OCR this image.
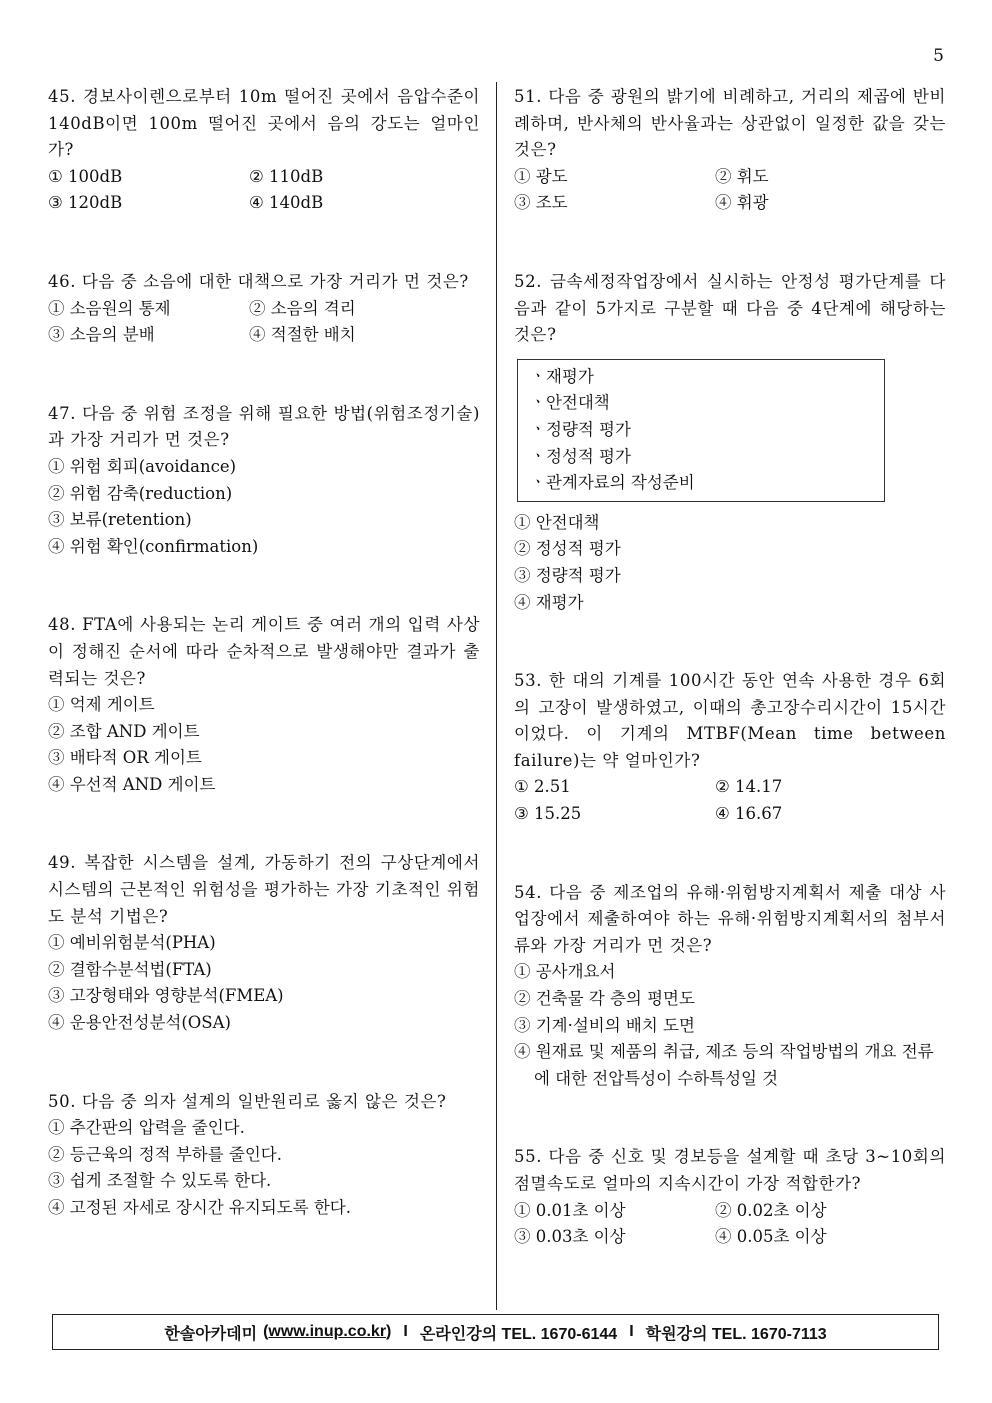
5
45. 경보사이렌으로부터 10m 떨어진 곳에서 음압수준이 140dB이면 100m 떨어진 곳에서 음의 강도는 얼마인가?
① 100dB	② 110dB
③ 120dB	④ 140dB
46. 다음 중 소음에 대한 대책으로 가장 거리가 먼 것은?
① 소음원의 통제	② 소음의 격리
③ 소음의 분배	④ 적절한 배치
47. 다음 중 위험 조정을 위해 필요한 방법(위험조정기술)과 가장 거리가 먼 것은?
① 위험 회피(avoidance)
② 위험 감축(reduction)
③ 보류(retention)
④ 위험 확인(confirmation)
48. FTA에 사용되는 논리 게이트 중 여러 개의 입력 사상이 정해진 순서에 따라 순차적으로 발생해야만 결과가 출력되는 것은?
① 억제 게이트
② 조합 AND 게이트
③ 배타적 OR 게이트
④ 우선적 AND 게이트
49. 복잡한 시스템을 설계, 가동하기 전의 구상단계에서 시스템의 근본적인 위험성을 평가하는 가장 기초적인 위험도 분석 기법은?
① 예비위험분석(PHA)
② 결함수분석법(FTA)
③ 고장형태와 영향분석(FMEA)
④ 운용안전성분석(OSA)
50. 다음 중 의자 설계의 일반원리로 옳지 않은 것은?
① 추간판의 압력을 줄인다.
② 등근육의 정적 부하를 줄인다.
③ 쉽게 조절할 수 있도록 한다.
④ 고정된 자세로 장시간 유지되도록 한다.
51. 다음 중 광원의 밝기에 비례하고, 거리의 제곱에 반비례하며, 반사체의 반사율과는 상관없이 일정한 값을 갖는 것은?
① 광도	② 휘도
③ 조도	④ 휘광
52. 금속세정작업장에서 실시하는 안정성 평가단계를 다음과 같이 5가지로 구분할 때 다음 중 4단계에 해당하는 것은?
ㆍ재평가
ㆍ안전대책
ㆍ정량적 평가
ㆍ정성적 평가
ㆍ관계자료의 작성준비
① 안전대책
② 정성적 평가
③ 정량적 평가
④ 재평가
53. 한 대의 기계를 100시간 동안 연속 사용한 경우 6회의 고장이 발생하였고, 이때의 총고장수리시간이 15시간이었다. 이 기계의 MTBF(Mean time between failure)는 약 얼마인가?
① 2.51	② 14.17
③ 15.25	④ 16.67
54. 다음 중 제조업의 유해·위험방지계획서 제출 대상 사업장에서 제출하여야 하는 유해·위험방지계획서의 첨부서류와 가장 거리가 먼 것은?
① 공사개요서
② 건축물 각 층의 평면도
③ 기계·설비의 배치 도면
④ 원재료 및 제품의 취급, 제조 등의 작업방법의 개요 전류에 대한 전압특성이 수하특성일 것
55. 다음 중 신호 및 경보등을 설계할 때 초당 3~10회의 점멸속도로 얼마의 지속시간이 가장 적합한가?
① 0.01초 이상	② 0.02초 이상
③ 0.03초 이상	④ 0.05초 이상
한솔아카데미 ( www.inup.co.kr ) I 온라인강의 TEL. 1670-6144 I 학원강의 TEL. 1670-7113
